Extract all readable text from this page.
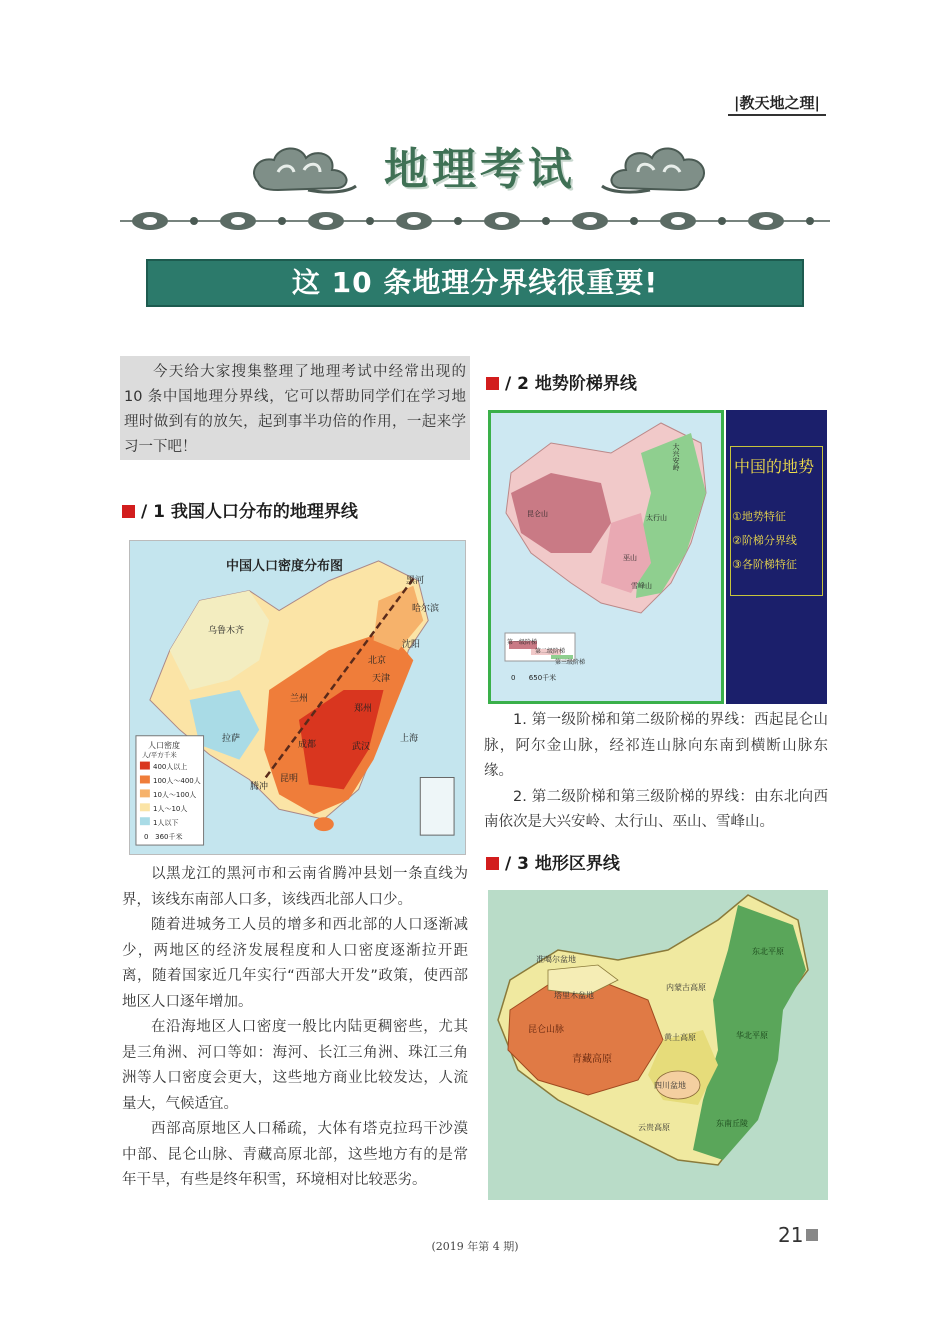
|教天地之理|
地理考试
这 10 条地理分界线很重要!
今天给大家搜集整理了地理考试中经常出现的 10 条中国地理分界线，它可以帮助同学们在学习地理时做到有的放矢，起到事半功倍的作用，一起来学习一下吧！
/ 1 我国人口分布的地理界线
中国人口密度分布图
人口密度
人/平方千米
400人以上
100人～400人
10人～100人
1人～10人
1人以下
0   360千米
黑河
哈尔滨
乌鲁木齐
沈阳
北京
天津
郑州
上海
成都	武汉
拉萨
昆明
腾冲
兰州

以黑龙江的黑河市和云南省腾冲县划一条直线为界，该线东南部人口多，该线西北部人口少。

随着进城务工人员的增多和西北部的人口逐渐减少，两地区的经济发展程度和人口密度逐渐拉开距离，随着国家近几年实行“西部大开发”政策，使西部地区人口逐年增加。

在沿海地区人口密度一般比内陆更稠密些，尤其是三角洲、河口等如：海河、长江三角洲、珠江三角洲等人口密度会更大，这些地方商业比较发达，人流量大，气候适宜。

西部高原地区人口稀疏，大体有塔克拉玛干沙漠中部、昆仑山脉、青藏高原北部，这些地方有的是常年干旱，有些是终年积雪，环境相对比较恶劣。

/ 2 地势阶梯界线
第一级阶梯
第二级阶梯
第三级阶梯
0      650千米
大兴安岭
太行山
巫山
雪峰山
昆仑山
中国的地势
①地势特征
②阶梯分界线
③各阶梯特征

1. 第一级阶梯和第二级阶梯的界线：西起昆仑山脉，阿尔金山脉，经祁连山脉向东南到横断山脉东缘。

2. 第二级阶梯和第三级阶梯的界线：由东北向西南依次是大兴安岭、太行山、巫山、雪峰山。

/ 3 地形区界线
准噶尔盆地
塔里木盆地
昆仑山脉
青藏高原
内蒙古高原
黄土高原
四川盆地
云贵高原
东北平原
华北平原
东南丘陵
(2019 年第 4 期)	21
